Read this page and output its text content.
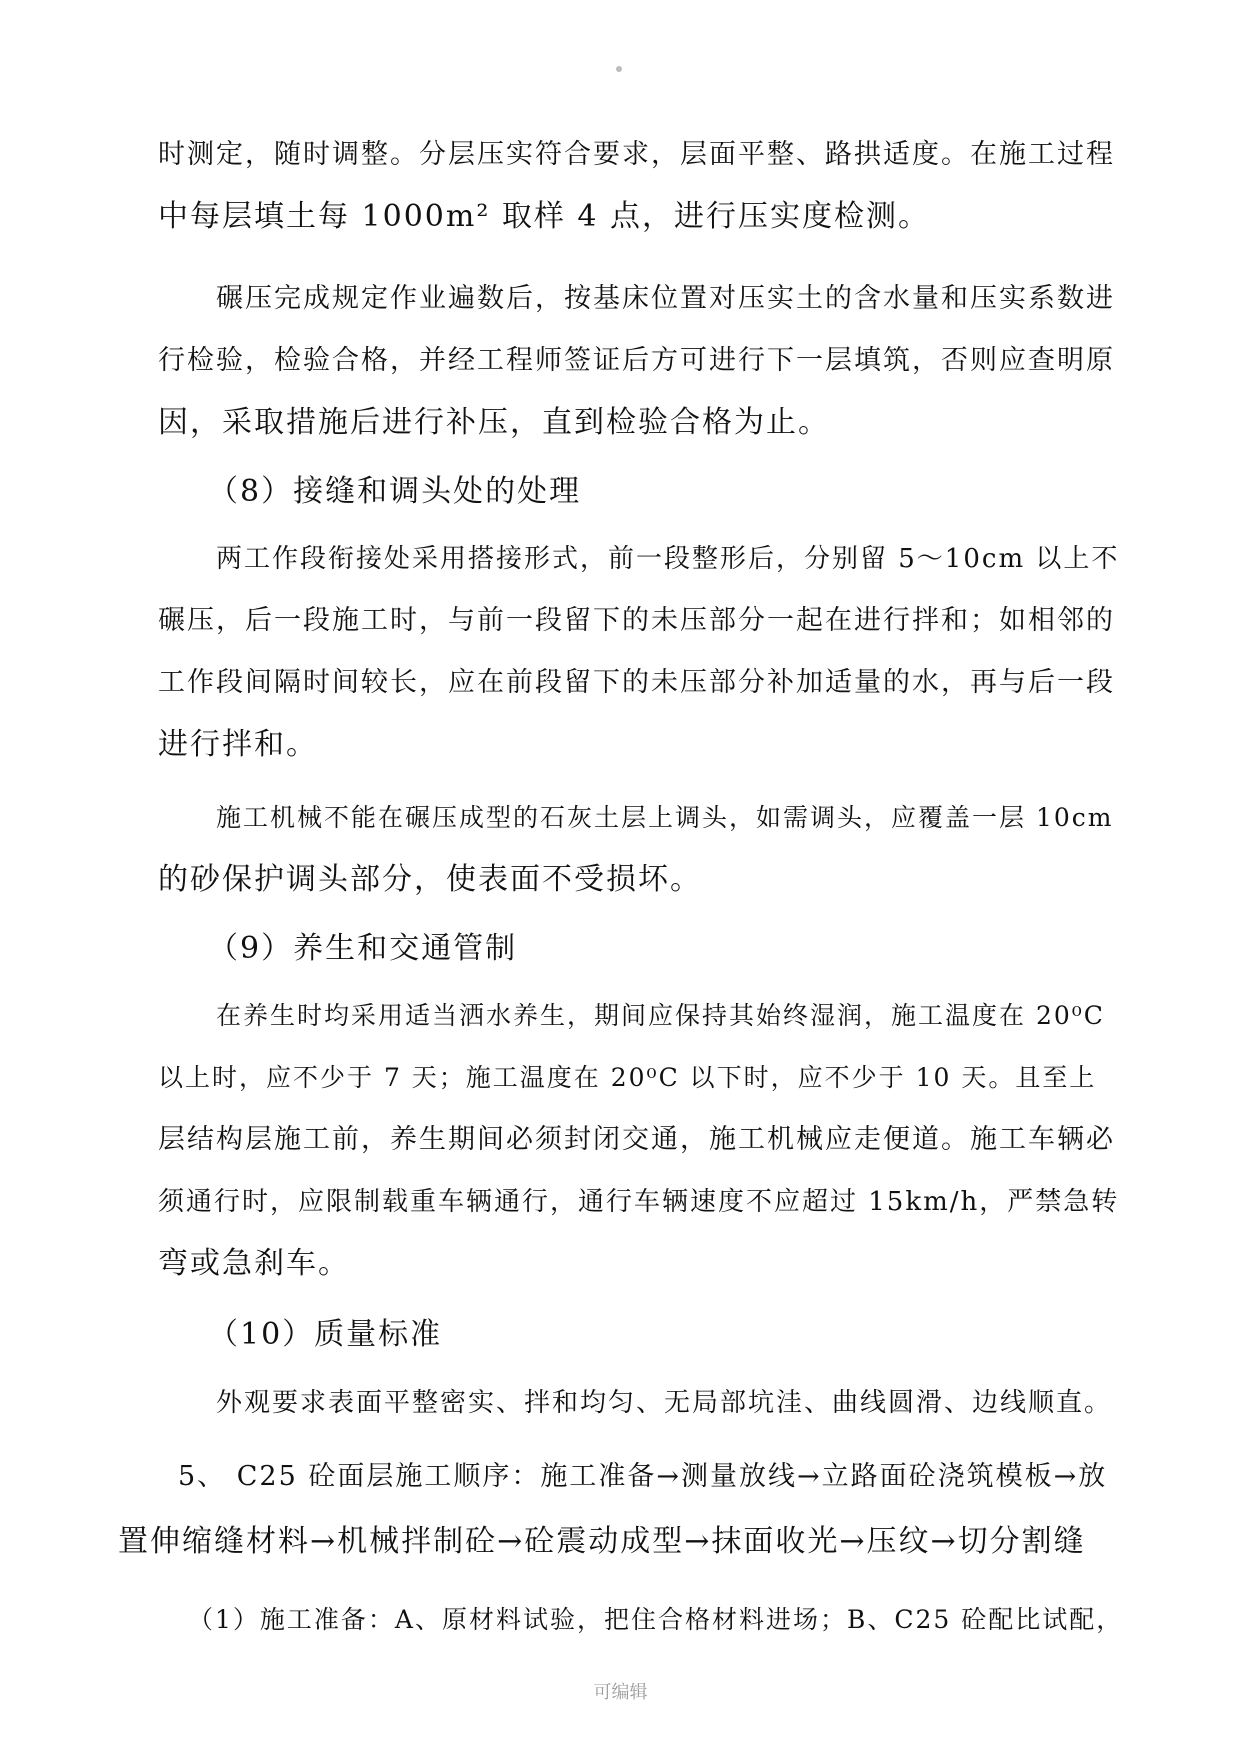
时测定，随时调整。分层压实符合要求，层面平整、路拱适度。在施工过程
中每层填土每 1000m² 取样 4 点，进行压实度检测。
碾压完成规定作业遍数后，按基床位置对压实土的含水量和压实系数进
行检验，检验合格，并经工程师签证后方可进行下一层填筑，否则应查明原
因，采取措施后进行补压，直到检验合格为止。
（8）接缝和调头处的处理
两工作段衔接处采用搭接形式，前一段整形后，分别留 5～10cm 以上不
碾压，后一段施工时，与前一段留下的未压部分一起在进行拌和；如相邻的
工作段间隔时间较长，应在前段留下的未压部分补加适量的水，再与后一段
进行拌和。
施工机械不能在碾压成型的石灰土层上调头，如需调头，应覆盖一层 10cm
的砂保护调头部分，使表面不受损坏。
（9）养生和交通管制
在养生时均采用适当洒水养生，期间应保持其始终湿润，施工温度在 20⁰C
以上时，应不少于 7 天；施工温度在 20⁰C 以下时，应不少于 10 天。且至上
层结构层施工前，养生期间必须封闭交通，施工机械应走便道。施工车辆必
须通行时，应限制载重车辆通行，通行车辆速度不应超过 15km/h，严禁急转
弯或急刹车。
（10）质量标准
外观要求表面平整密实、拌和均匀、无局部坑洼、曲线圆滑、边线顺直。
5、 C25 砼面层施工顺序：施工准备→测量放线→立路面砼浇筑模板→放
置伸缩缝材料→机械拌制砼→砼震动成型→抹面收光→压纹→切分割缝
（1）施工准备：A、原材料试验，把住合格材料进场；B、C25 砼配比试配，
可编辑
